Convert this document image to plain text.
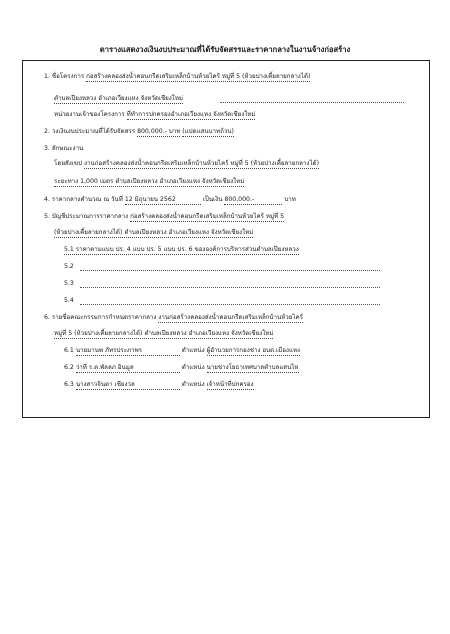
ตารางแสดงวงเงินงบประมาณที่ได้รับจัดสรรและราคากลางในงานจ้างก่อสร้าง
1. ชื่อโครงการ ก่อสร้างคลองส่งน้ำคอนกรีตเสริมเหล็กบ้านห้วยไคร้ หมู่ที่ 5 (ห้วยปางเคี้ยลายกลางได้)
ตำบลเปียงหลวง อำเภอเวียงแหง จังหวัดเชียงใหม่
หน่วยงานเจ้าของโครงการ ที่ทำการปกครองอำเภอเวียงแหง จังหวัดเชียงใหม่
2. วงเงินงบประมาณที่ได้รับจัดสรร 800,000.- บาท (แปดแสนบาทถ้วน)
3. ลักษณะงาน
โดยสังเขป งานก่อสร้างคลองส่งน้ำคอนกรีตเสริมเหล็กบ้านห้วยไคร้ หมู่ที่ 5 (ห้วยปางเคี้ยลายกลางได้)
ระยะทาง 1,000 เมตร ตำบลเปียงหลวง อำเภอเวียงแหง จังหวัดเชียงใหม่
4. ราคากลางคำนวณ ณ วันที่ 12 มิถุนายน 2562	เป็นเงิน 800,000.-	บาท
5. บัญชีประมาณการราคากลาง ก่อสร้างคลองส่งน้ำคอนกรีตเสริมเหล็กบ้านห้วยไคร้ หมู่ที่ 5
(ห้วยปางเคี้ยลายกลางได้) ตำบลเปียงหลวง อำเภอเวียงแหง จังหวัดเชียงใหม่
5.1 ราคาตามแบบ ปร. 4 แบบ ปร. 5 แบบ ปร. 6 ขององค์การบริหารส่วนตำบลเปียงหลวง
5.2
5.3
5.4
6. รายชื่อคณะกรรมการกำหนดราคากลาง งานก่อสร้างคลองส่งน้ำคอนกรีตเสริมเหล็กบ้านห้วยไคร้
หมู่ที่ 5 (ห้วยปางเคี้ยลายกลางได้) ตำบลเปียงหลวง อำเภอเวียงแหง จังหวัดเชียงใหม่
6.1 นายมานพ ภัทรประภาพร	ตำแหน่ง ผู้อำนวยการกองช่าง อบต.เมืองแหง
6.2 ว่าที่ ร.ต.พัลลภ อินมูล	ตำแหน่ง นายช่างโยธาเทศบาลตำบลแสนไห
6.3 นางสาวจินดา เชียงวล	ตำแหน่ง เจ้าหน้าที่ปกครอง
